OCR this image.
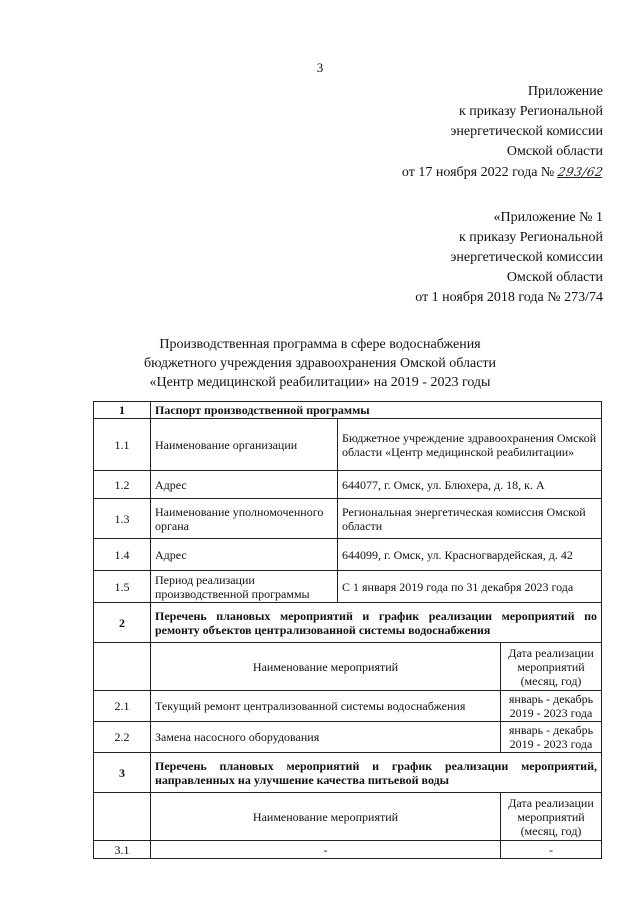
3
Приложение
к приказу Региональной
энергетической комиссии
Омской области
от 17 ноября 2022 года № 293/62
«Приложение № 1
к приказу Региональной
энергетической комиссии
Омской области
от 1 ноября 2018 года № 273/74
Производственная программа в сфере водоснабжения
бюджетного учреждения здравоохранения Омской области
«Центр медицинской реабилитации» на 2019 - 2023 годы
1	Паспорт производственной программы		
1.1	Наименование организации	Бюджетное учреждение здравоохранения Омской области «Центр медицинской реабилитации»	
1.2	Адрес	644077, г. Омск, ул. Блюхера, д. 18, к. А	
1.3	Наименование уполномоченного органа	Региональная энергетическая комиссия Омской области	
1.4	Адрес	644099, г. Омск, ул. Красногвардейская, д. 42	
1.5	Период реализации производственной программы	С 1 января 2019 года по 31 декабря 2023 года	
2	Перечень плановых мероприятий и график реализации мероприятий по ремонту объектов централизованной системы водоснабжения		
	Наименование мероприятий		Дата реализации мероприятий (месяц, год)
2.1	Текущий ремонт централизованной системы водоснабжения		январь - декабрь 2019 - 2023 года
2.2	Замена насосного оборудования		январь - декабрь 2019 - 2023 года
3	Перечень плановых мероприятий и график реализации мероприятий, направленных на улучшение качества питьевой воды		
	Наименование мероприятий		Дата реализации мероприятий (месяц, год)
3.1	-		-
